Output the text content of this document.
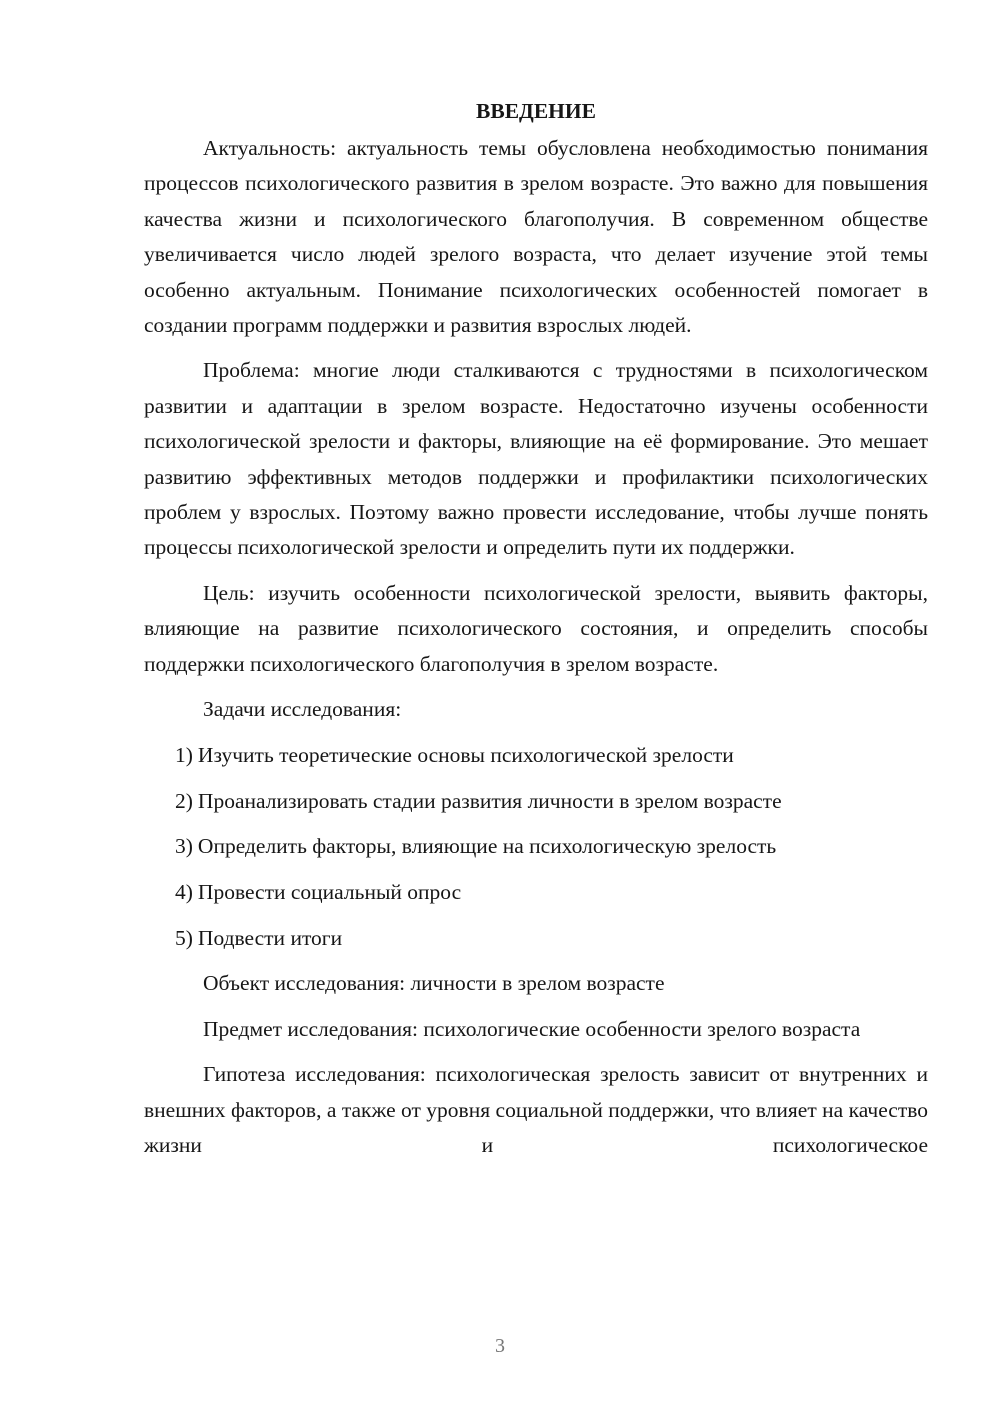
ВВЕДЕНИЕ

Актуальность: актуальность темы обусловлена необходимостью понимания процессов психологического развития в зрелом возрасте. Это важно для повышения качества жизни и психологического благополучия. В современном обществе увеличивается число людей зрелого возраста, что делает изучение этой темы особенно актуальным. Понимание психологических особенностей помогает в создании программ поддержки и развития взрослых людей.

Проблема: многие люди сталкиваются с трудностями в психологическом развитии и адаптации в зрелом возрасте. Недостаточно изучены особенности психологической зрелости и факторы, влияющие на её формирование. Это мешает развитию эффективных методов поддержки и профилактики психологических проблем у взрослых. Поэтому важно провести исследование, чтобы лучше понять процессы психологической зрелости и определить пути их поддержки.

Цель: изучить особенности психологической зрелости, выявить факторы, влияющие на развитие психологического состояния, и определить способы поддержки психологического благополучия в зрелом возрасте.

Задачи исследования:

1) Изучить теоретические основы психологической зрелости
2) Проанализировать стадии развития личности в зрелом возрасте
3) Определить факторы, влияющие на психологическую зрелость
4) Провести социальный опрос
5) Подвести итоги

Объект исследования: личности в зрелом возрасте

Предмет исследования: психологические особенности зрелого возраста

Гипотеза исследования: психологическая зрелость зависит от внутренних и внешних факторов, а также от уровня социальной поддержки, что влияет на качество жизни и психологическое

3
